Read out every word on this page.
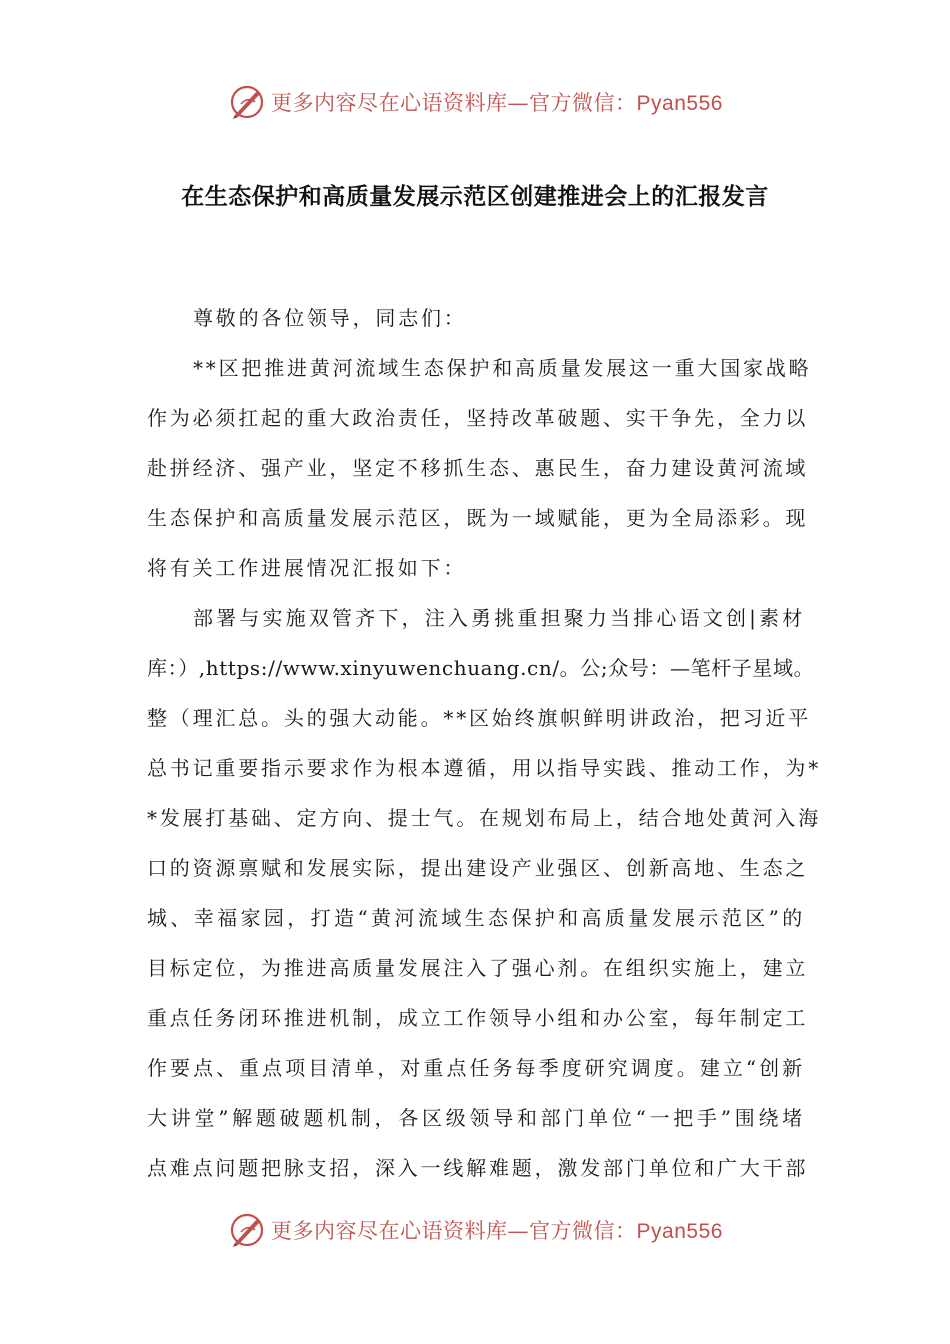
更多内容尽在心语资料库—官方微信：Pyan556
在生态保护和高质量发展示范区创建推进会上的汇报发言
尊敬的各位领导，同志们：
**区把推进黄河流域生态保护和高质量发展这一重大国家战略
作为必须扛起的重大政治责任，坚持改革破题、实干争先，全力以
赴拼经济、强产业，坚定不移抓生态、惠民生，奋力建设黄河流域
生态保护和高质量发展示范区，既为一域赋能，更为全局添彩。现
将有关工作进展情况汇报如下：
部署与实施双管齐下，注入勇挑重担聚力当排心语文创|素材
库：）,https://www.xinyuwenchuang.cn/。公;众号：—笔杆子星域。
整（理汇总。头的强大动能。**区始终旗帜鲜明讲政治，把习近平
总书记重要指示要求作为根本遵循，用以指导实践、推动工作，为*
*发展打基础、定方向、提士气。在规划布局上，结合地处黄河入海
口的资源禀赋和发展实际，提出建设产业强区、创新高地、生态之
城、幸福家园，打造“黄河流域生态保护和高质量发展示范区”的
目标定位，为推进高质量发展注入了强心剂。在组织实施上，建立
重点任务闭环推进机制，成立工作领导小组和办公室，每年制定工
作要点、重点项目清单，对重点任务每季度研究调度。建立“创新
大讲堂”解题破题机制，各区级领导和部门单位“一把手”围绕堵
点难点问题把脉支招，深入一线解难题，激发部门单位和广大干部
更多内容尽在心语资料库—官方微信：Pyan556
